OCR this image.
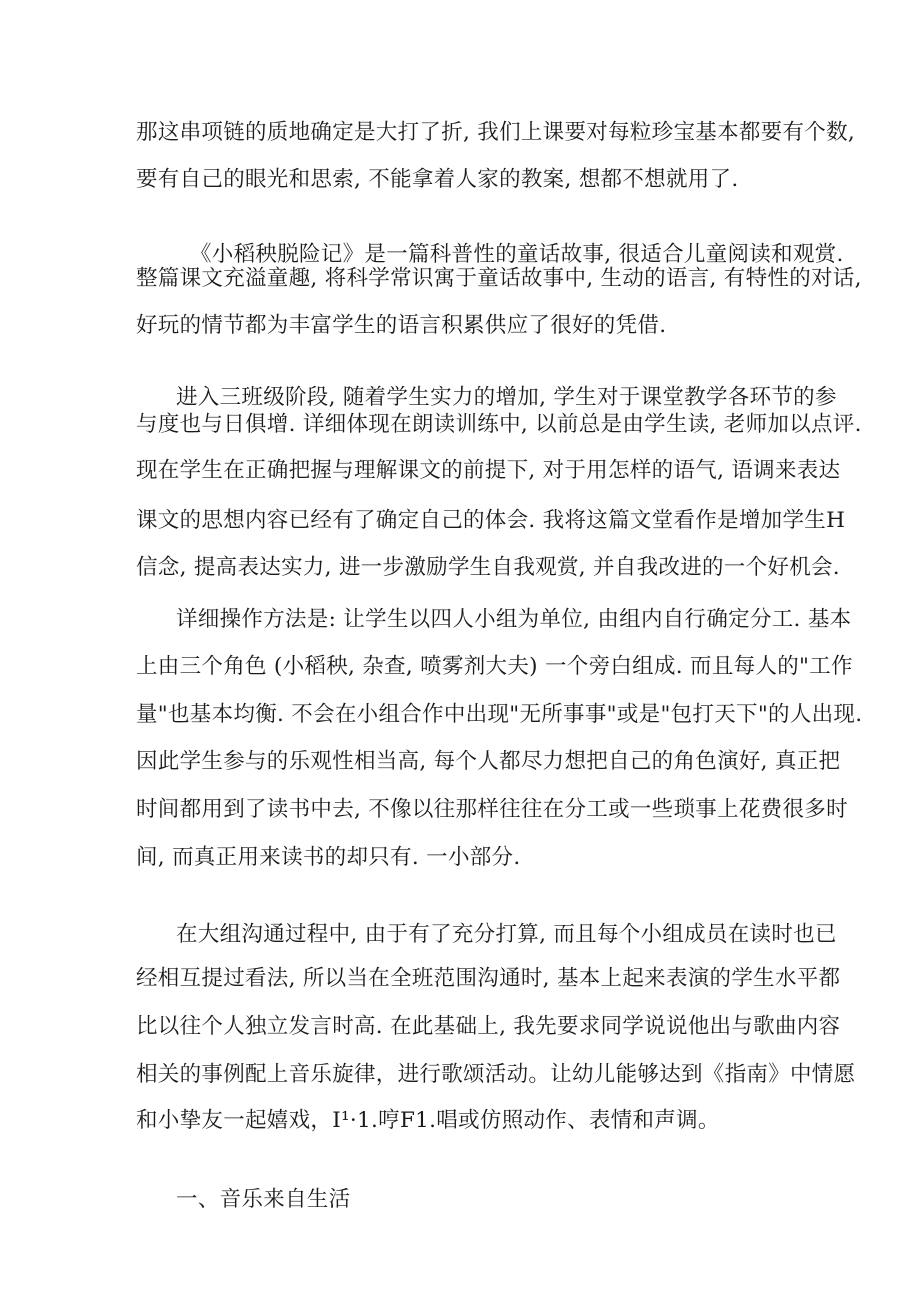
那这串项链的质地确定是大打了折, 我们上课要对每粒珍宝基本都要有个数,
要有自己的眼光和思索, 不能拿着人家的教案, 想都不想就用了.
《小稻秧脱险记》是一篇科普性的童话故事, 很适合儿童阅读和观赏.
整篇课文充溢童趣, 将科学常识寓于童话故事中, 生动的语言, 有特性的对话,
好玩的情节都为丰富学生的语言积累供应了很好的凭借.
进入三班级阶段, 随着学生实力的增加, 学生对于课堂教学各环节的参
与度也与日俱增. 详细体现在朗读训练中, 以前总是由学生读, 老师加以点评.
现在学生在正确把握与理解课文的前提下, 对于用怎样的语气, 语调来表达
课文的思想内容已经有了确定自己的体会. 我将这篇文堂看作是增加学生H
信念, 提高表达实力, 进一步激励学生自我观赏, 并自我改进的一个好机会.
详细操作方法是: 让学生以四人小组为单位, 由组内自行确定分工. 基本
上由三个角色 (小稻秧, 杂查, 喷雾剂大夫) 一个旁白组成. 而且每人的"工作
量"也基本均衡. 不会在小组合作中出现"无所事事"或是"包打天下"的人出现.
因此学生参与的乐观性相当高, 每个人都尽力想把自己的角色演好, 真正把
时间都用到了读书中去, 不像以往那样往往在分工或一些琐事上花费很多时
间, 而真正用来读书的却只有. 一小部分.
在大组沟通过程中, 由于有了充分打算, 而且每个小组成员在读时也已
经相互提过看法, 所以当在全班范围沟通时, 基本上起来表演的学生水平都
比以往个人独立发言时高. 在此基础上, 我先要求同学说说他出与歌曲内容
相关的事例配上音乐旋律，进行歌颂活动。让幼儿能够达到《指南》中情愿
和小挚友一起嬉戏，I¹·1.哼F1.唱或仿照动作、表情和声调。
一、音乐来自生活
